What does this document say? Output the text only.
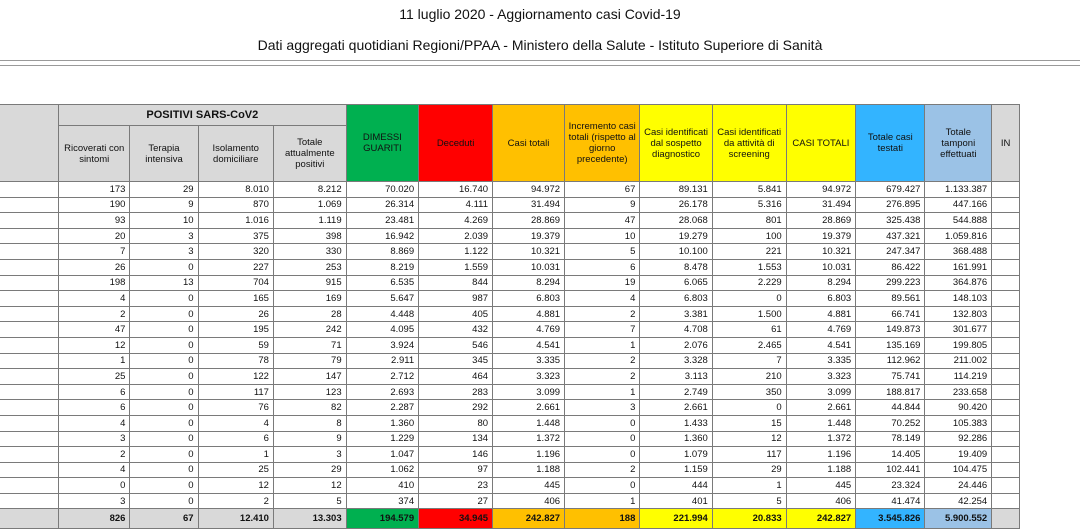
11 luglio 2020 - Aggiornamento casi Covid-19
Dati aggregati quotidiani Regioni/PPAA - Ministero della Salute - Istituto Superiore di Sanità
	POSITIVI SARS-CoV2				DIMESSI GUARITI	Deceduti	Casi totali	Incremento casi totali (rispetto al giorno precedente)	Casi identificati dal sospetto diagnostico	Casi identificati da attività di screening	CASI TOTALI	Totale casi testati	Totale tamponi effettuati	IN
	Ricoverati con sintomi	Terapia intensiva	Isolamento domiciliare	Totale attualmente positivi										
	173	29	8.010	8.212	70.020	16.740	94.972	67	89.131	5.841	94.972	679.427	1.133.387	
	190	9	870	1.069	26.314	4.111	31.494	9	26.178	5.316	31.494	276.895	447.166	
	93	10	1.016	1.119	23.481	4.269	28.869	47	28.068	801	28.869	325.438	544.888	
	20	3	375	398	16.942	2.039	19.379	10	19.279	100	19.379	437.321	1.059.816	
	7	3	320	330	8.869	1.122	10.321	5	10.100	221	10.321	247.347	368.488	
	26	0	227	253	8.219	1.559	10.031	6	8.478	1.553	10.031	86.422	161.991	
	198	13	704	915	6.535	844	8.294	19	6.065	2.229	8.294	299.223	364.876	
	4	0	165	169	5.647	987	6.803	4	6.803	0	6.803	89.561	148.103	
	2	0	26	28	4.448	405	4.881	2	3.381	1.500	4.881	66.741	132.803	
	47	0	195	242	4.095	432	4.769	7	4.708	61	4.769	149.873	301.677	
	12	0	59	71	3.924	546	4.541	1	2.076	2.465	4.541	135.169	199.805	
	1	0	78	79	2.911	345	3.335	2	3.328	7	3.335	112.962	211.002	
	25	0	122	147	2.712	464	3.323	2	3.113	210	3.323	75.741	114.219	
	6	0	117	123	2.693	283	3.099	1	2.749	350	3.099	188.817	233.658	
	6	0	76	82	2.287	292	2.661	3	2.661	0	2.661	44.844	90.420	
	4	0	4	8	1.360	80	1.448	0	1.433	15	1.448	70.252	105.383	
	3	0	6	9	1.229	134	1.372	0	1.360	12	1.372	78.149	92.286	
	2	0	1	3	1.047	146	1.196	0	1.079	117	1.196	14.405	19.409	
	4	0	25	29	1.062	97	1.188	2	1.159	29	1.188	102.441	104.475	
	0	0	12	12	410	23	445	0	444	1	445	23.324	24.446	
	3	0	2	5	374	27	406	1	401	5	406	41.474	42.254	
	826	67	12.410	13.303	194.579	34.945	242.827	188	221.994	20.833	242.827	3.545.826	5.900.552	
